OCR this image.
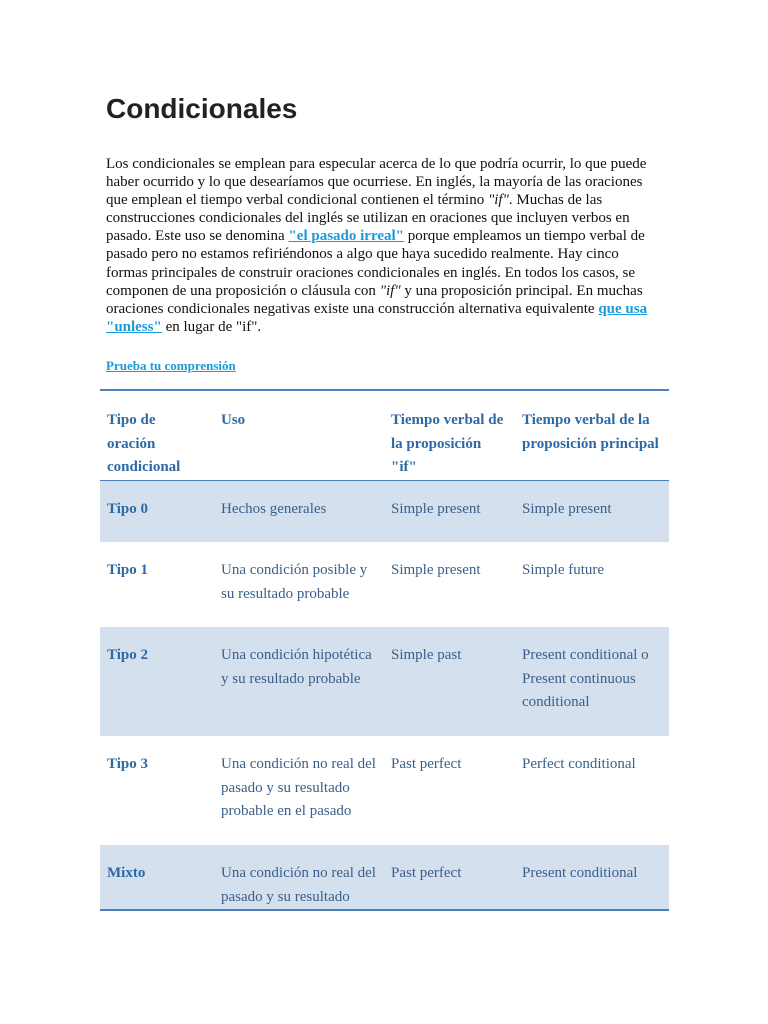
Condicionales

Los condicionales se emplean para especular acerca de lo que podría ocurrir, lo que puede haber ocurrido y lo que desearíamos que ocurriese. En inglés, la mayoría de las oraciones que emplean el tiempo verbal condicional contienen el término "if". Muchas de las construcciones condicionales del inglés se utilizan en oraciones que incluyen verbos en pasado. Este uso se denomina "el pasado irreal" porque empleamos un tiempo verbal de pasado pero no estamos refiriéndonos a algo que haya sucedido realmente. Hay cinco formas principales de construir oraciones condicionales en inglés. En todos los casos, se componen de una proposición o cláusula con "if" y una proposición principal. En muchas oraciones condicionales negativas existe una construcción alternativa equivalente que usa "unless" en lugar de "if".

Prueba tu comprensión
Tipo de oración condicional	Uso	Tiempo verbal de la proposición "if"	Tiempo verbal de la proposición principal
Tipo 0	Hechos generales	Simple present	Simple present
Tipo 1	Una condición posible y su resultado probable	Simple present	Simple future
Tipo 2	Una condición hipotética y su resultado probable	Simple past	Present conditional o Present continuous conditional
Tipo 3	Una condición no real del pasado y su resultado probable en el pasado	Past perfect	Perfect conditional
Mixto	Una condición no real del pasado y su resultado	Past perfect	Present conditional
